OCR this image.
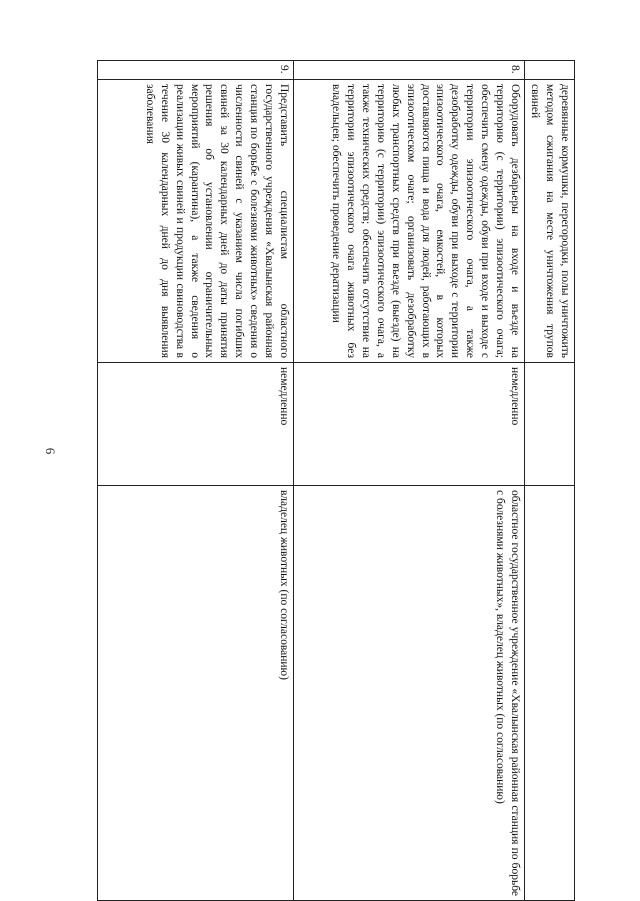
6
	деревянные кормушки, перегородки, полы уничтожить методом сжигания на месте уничтожения трупов свиней		
8.	Оборудовать дезбарьеры на входе и въезде на территорию (с территории) эпизоотического очага; обеспечить смену одежды, обуви при входе и выходе с территории эпизоотического очага, а также дезобработку одежды, обуви при выходе с территории эпизоотического очага, емкостей, в которых доставляются пища и вода для людей, работающих в эпизоотическом очаге; организовать дезобработку любых транспортных средств при въезде (выезде) на территорию (с территории) эпизоотического очага, а также технических средств; обеспечить отсутствие на территории эпизоотического очага животных без владельцев; обеспечить проведение дератизации	немедленно	областное государственное учреждение «Хвалынская районная станция по борьбе с болезнями животных», владелец животных (по согласованию)
9.	Представить специалистам областного государственного учреждения «Хвалынская районная станция по борьбе с болезнями животных» сведения о численности свиней с указанием числа погибших свиней за 30 календарных дней до даты принятия решения об установлении ограничительных мероприятий (карантина), а также сведения о реализации живых свиней и продукции свиноводства в течение 30 календарных дней до дня выявления заболевания	немедленно	владелец животных (по согласованию)
